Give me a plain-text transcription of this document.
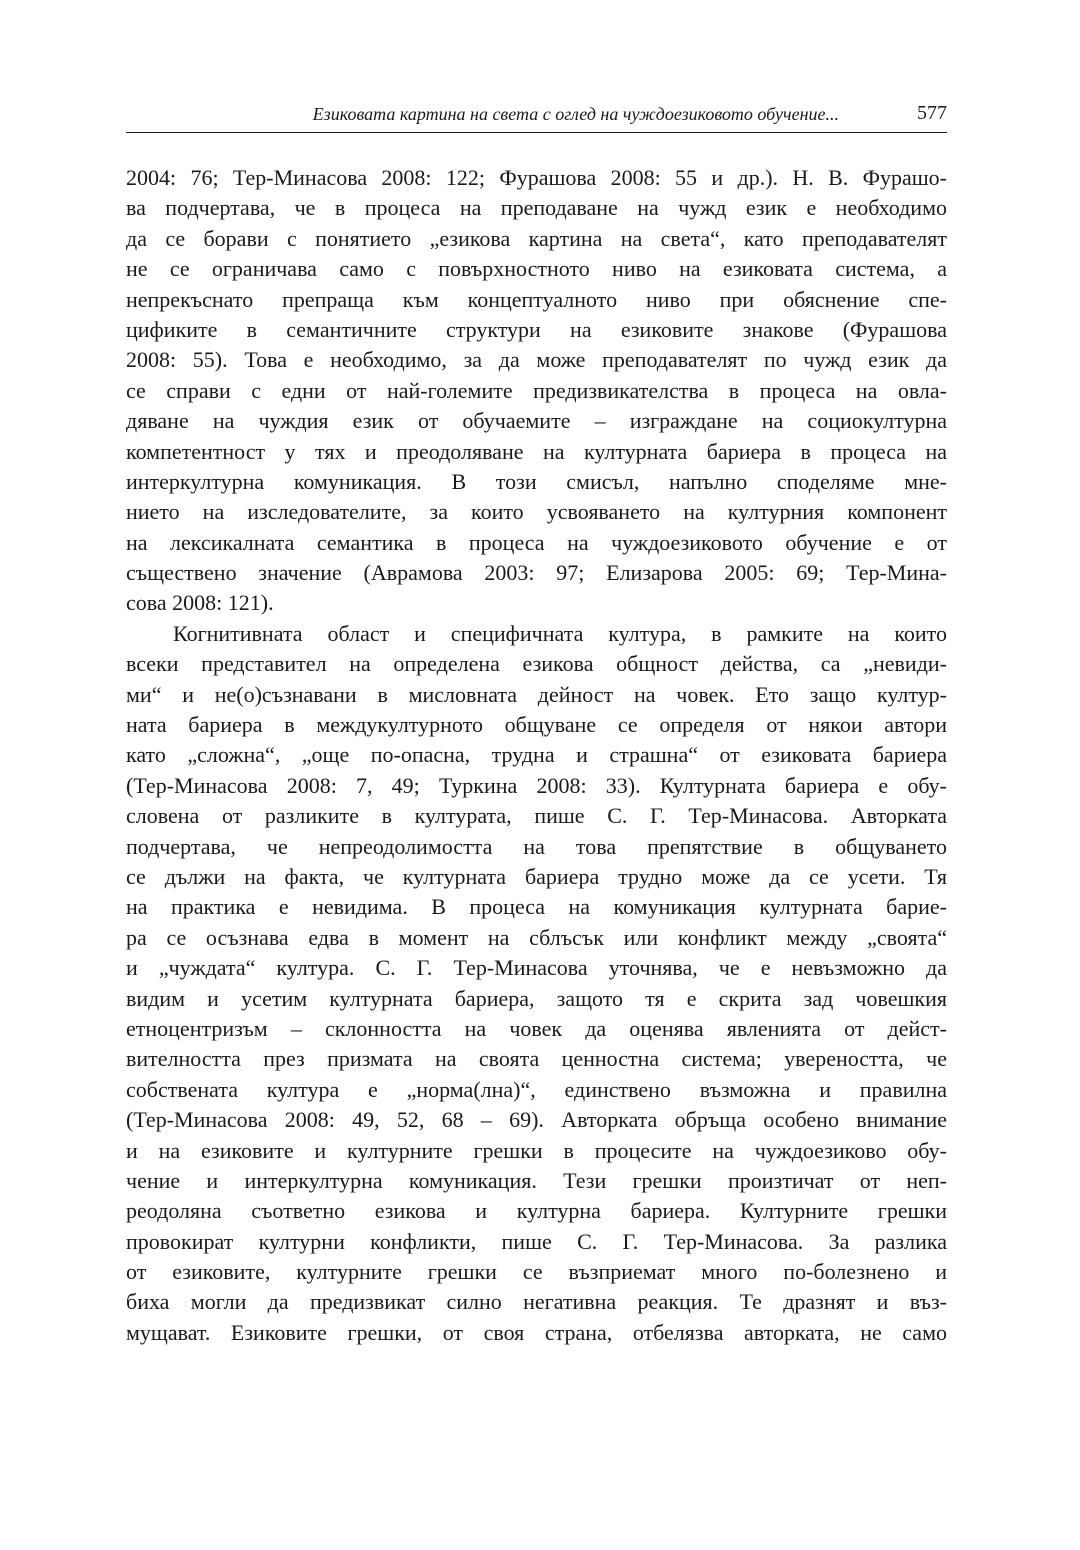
Езиковата картина на света с оглед на чуждоезиковото обучение...	577
2004: 76; Тер-Минасова 2008: 122; Фурашова 2008: 55 и др.). Н. В. Фурашо-
ва подчертава, че в процеса на преподаване на чужд език е необходимо
да се борави с понятието „езикова картина на света“, като преподавателят
не се ограничава само с повърхностното ниво на езиковата система, а
непрекъснато препраща към концептуалното ниво при обяснение спе-
цификите в семантичните структури на езиковите знакове (Фурашова
2008: 55). Това е необходимо, за да може преподавателят по чужд език да
се справи с едни от най-големите предизвикателства в процеса на овла-
дяване на чуждия език от обучаемите – изграждане на социокултурна
компетентност у тях и преодоляване на културната бариера в процеса на
интеркултурна комуникация. В този смисъл, напълно споделяме мне-
нието на изследователите, за които усвояването на културния компонент
на лексикалната семантика в процеса на чуждоезиковото обучение е от
съществено значение (Аврамова 2003: 97; Елизарова 2005: 69; Тер-Мина-
сова 2008: 121).
Когнитивната област и специфичната култура, в рамките на които
всеки представител на определена езикова общност действа, са „невиди-
ми“ и не(о)съзнавани в мисловната дейност на човек. Ето защо култур-
ната бариера в междукултурното общуване се определя от някои автори
като „сложна“, „още по-опасна, трудна и страшна“ от езиковата бариера
(Тер-Минасова 2008: 7, 49; Туркина 2008: 33). Културната бариера е обу-
словена от разликите в културата, пише С. Г. Тер-Минасова. Авторката
подчертава, че непреодолимостта на това препятствие в общуването
се дължи на факта, че културната бариера трудно може да се усети. Тя
на практика е невидима. В процеса на комуникация културната барие-
ра се осъзнава едва в момент на сблъсък или конфликт между „своята“
и „чуждата“ култура. С. Г. Тер-Минасова уточнява, че е невъзможно да
видим и усетим културната бариера, защото тя е скрита зад човешкия
етноцентризъм – склонността на човек да оценява явленията от дейст-
вителността през призмата на своята ценностна система; увереността, че
собствената култура е „норма(лна)“, единствено възможна и правилна
(Тер-Минасова 2008: 49, 52, 68 – 69). Авторката обръща особено внимание
и на езиковите и културните грешки в процесите на чуждоезиково обу-
чение и интеркултурна комуникация. Тези грешки произтичат от неп-
реодоляна съответно езикова и културна бариера. Културните грешки
провокират културни конфликти, пише С. Г. Тер-Минасова. За разлика
от езиковите, културните грешки се възприемат много по-болезнено и
биха могли да предизвикат силно негативна реакция. Те дразнят и въз-
мущават. Езиковите грешки, от своя страна, отбелязва авторката, не само
